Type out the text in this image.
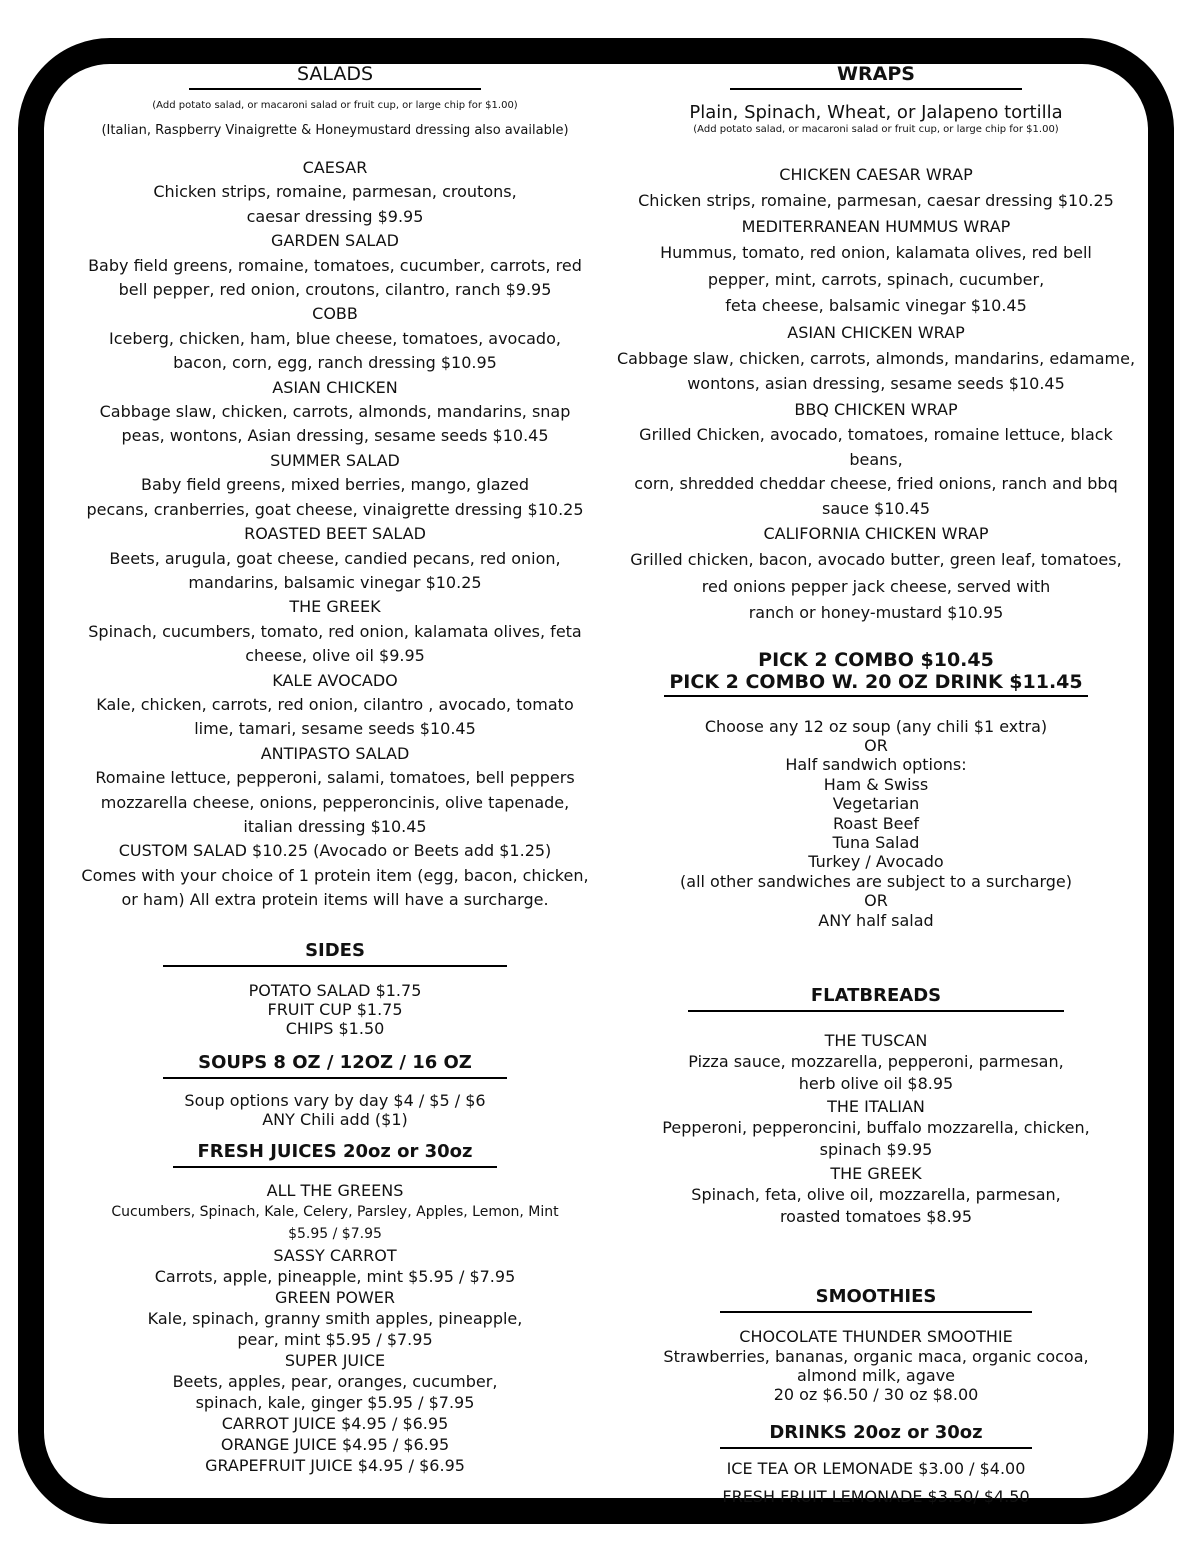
SALADS
(Add potato salad, or macaroni salad or fruit cup, or large chip for $1.00)
(Italian, Raspberry Vinaigrette & Honeymustard dressing also available)
CAESAR
Chicken strips, romaine, parmesan, croutons,
caesar dressing $9.95
GARDEN SALAD
Baby field greens, romaine, tomatoes, cucumber, carrots, red
bell pepper, red onion, croutons, cilantro, ranch $9.95
COBB
Iceberg, chicken, ham, blue cheese, tomatoes, avocado,
bacon, corn, egg, ranch dressing $10.95
ASIAN CHICKEN
Cabbage slaw, chicken, carrots, almonds, mandarins, snap
peas, wontons, Asian dressing, sesame seeds $10.45
SUMMER SALAD
Baby field greens, mixed berries, mango, glazed
pecans, cranberries, goat cheese, vinaigrette dressing $10.25
ROASTED BEET SALAD
Beets, arugula, goat cheese, candied pecans, red onion,
mandarins, balsamic vinegar $10.25
THE GREEK
Spinach, cucumbers, tomato, red onion, kalamata olives, feta
cheese, olive oil $9.95
KALE AVOCADO
Kale, chicken, carrots, red onion, cilantro , avocado, tomato
lime, tamari, sesame seeds $10.45
ANTIPASTO SALAD
Romaine lettuce, pepperoni, salami, tomatoes, bell peppers
mozzarella cheese, onions, pepperoncinis, olive tapenade,
italian dressing $10.45
CUSTOM SALAD $10.25 (Avocado or Beets add $1.25)
Comes with your choice of 1 protein item (egg, bacon, chicken,
or ham) All extra protein items will have a surcharge.
SIDES
POTATO SALAD $1.75
FRUIT CUP $1.75
CHIPS $1.50
SOUPS 8 OZ / 12OZ / 16 OZ
Soup options vary by day $4 / $5 / $6
ANY Chili add ($1)
FRESH JUICES 20oz or 30oz
ALL THE GREENS
Cucumbers, Spinach, Kale, Celery, Parsley, Apples, Lemon, Mint
$5.95 / $7.95
SASSY CARROT
Carrots, apple, pineapple, mint $5.95 / $7.95
GREEN POWER
Kale, spinach, granny smith apples, pineapple,
pear, mint $5.95 / $7.95
SUPER JUICE
Beets, apples, pear, oranges, cucumber,
spinach, kale, ginger $5.95 / $7.95
CARROT JUICE $4.95 / $6.95
ORANGE JUICE $4.95 / $6.95
GRAPEFRUIT JUICE $4.95 / $6.95
WRAPS
Plain, Spinach, Wheat, or Jalapeno tortilla
(Add potato salad, or macaroni salad or fruit cup, or large chip for $1.00)
CHICKEN CAESAR WRAP
Chicken strips, romaine, parmesan, caesar dressing $10.25
MEDITERRANEAN HUMMUS WRAP
Hummus, tomato, red onion, kalamata olives, red bell
pepper, mint, carrots, spinach, cucumber,
feta cheese, balsamic vinegar $10.45
ASIAN CHICKEN WRAP
Cabbage slaw, chicken, carrots, almonds, mandarins, edamame,
wontons, asian dressing, sesame seeds $10.45
BBQ CHICKEN WRAP
Grilled Chicken, avocado, tomatoes, romaine lettuce, black beans,
corn, shredded cheddar cheese, fried onions, ranch and bbq
sauce $10.45
CALIFORNIA CHICKEN WRAP
Grilled chicken, bacon, avocado butter, green leaf, tomatoes,
red onions pepper jack cheese, served with
ranch or honey-mustard $10.95
PICK 2 COMBO $10.45
PICK 2 COMBO W. 20 OZ DRINK $11.45
Choose any 12 oz soup (any chili $1 extra)
OR
Half sandwich options:
Ham & Swiss
Vegetarian
Roast Beef
Tuna Salad
Turkey / Avocado
(all other sandwiches are subject to a surcharge)
OR
ANY half salad
FLATBREADS
THE TUSCAN
Pizza sauce, mozzarella, pepperoni, parmesan,
herb olive oil $8.95
THE ITALIAN
Pepperoni, pepperoncini, buffalo mozzarella, chicken,
spinach $9.95
THE GREEK
Spinach, feta, olive oil, mozzarella, parmesan,
roasted tomatoes $8.95
SMOOTHIES
CHOCOLATE THUNDER SMOOTHIE
Strawberries, bananas, organic maca, organic cocoa,
almond milk, agave
20 oz $6.50 / 30 oz $8.00
DRINKS 20oz or 30oz
ICE TEA OR LEMONADE $3.00 / $4.00
FRESH FRUIT LEMONADE $3.50/ $4.50
